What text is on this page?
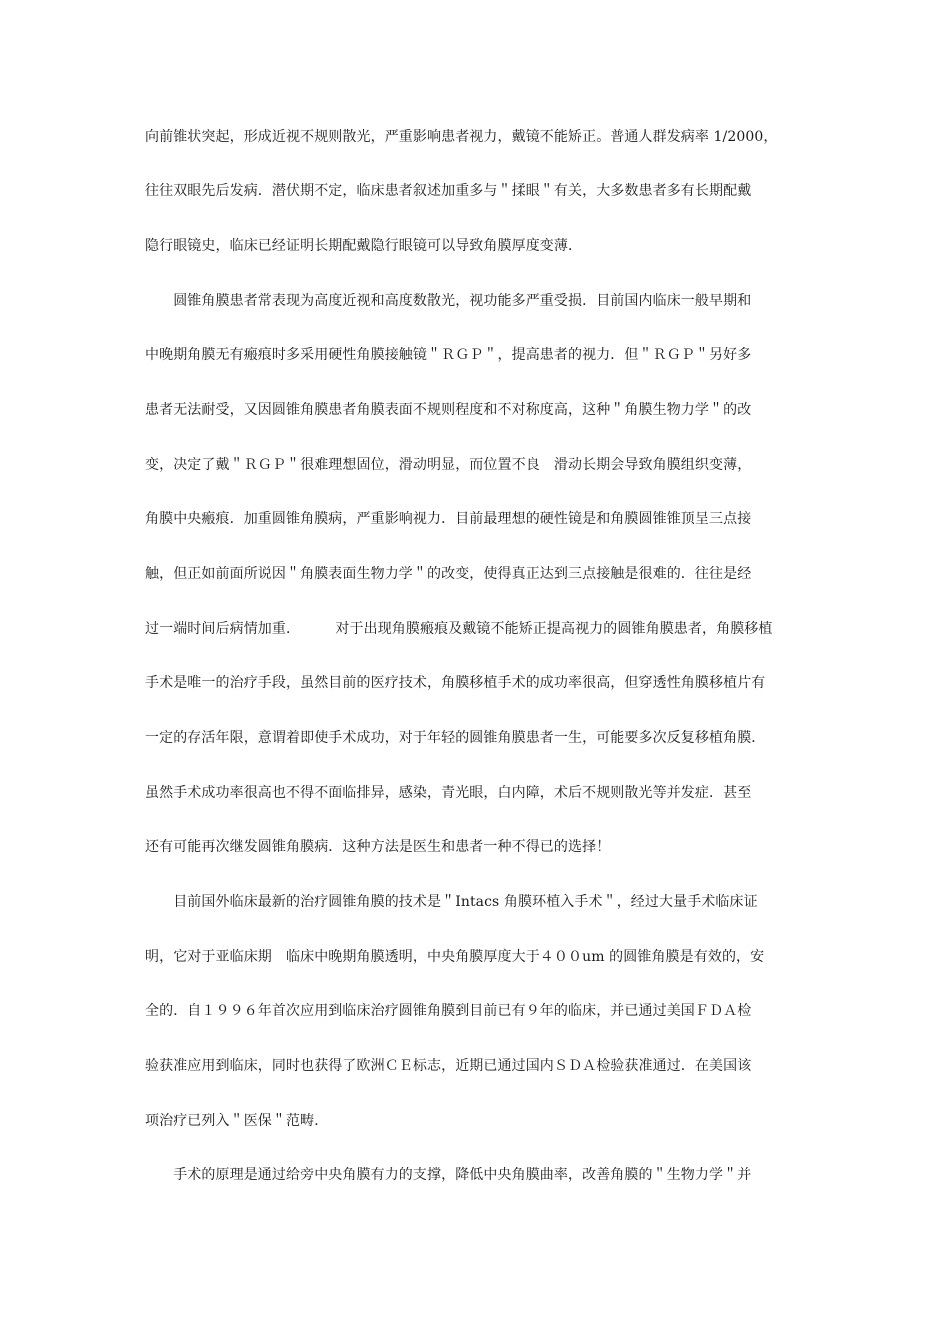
向前锥状突起，形成近视不规则散光，严重影响患者视力，戴镜不能矫正。普通人群发病率 1/2000，
往往双眼先后发病．潜伏期不定，临床患者叙述加重多与＂揉眼＂有关，大多数患者多有长期配戴
隐行眼镜史，临床已经证明长期配戴隐行眼镜可以导致角膜厚度变薄．
　　圆锥角膜患者常表现为高度近视和高度数散光，视功能多严重受损．目前国内临床一般早期和
中晚期角膜无有瘢痕时多采用硬性角膜接触镜＂ＲＧＰ＂，提高患者的视力．但＂ＲＧＰ＂另好多
患者无法耐受，又因圆锥角膜患者角膜表面不规则程度和不对称度高，这种＂角膜生物力学＂的改
变，决定了戴＂ＲＧＰ＂很难理想固位，滑动明显，而位置不良　滑动长期会导致角膜组织变薄，
角膜中央瘢痕．加重圆锥角膜病，严重影响视力．目前最理想的硬性镜是和角膜圆锥锥顶呈三点接
触，但正如前面所说因＂角膜表面生物力学＂的改变，使得真正达到三点接触是很难的．往往是经
过一端时间后病情加重．　　　对于出现角膜瘢痕及戴镜不能矫正提高视力的圆锥角膜患者，角膜移植
手术是唯一的治疗手段，虽然目前的医疗技术，角膜移植手术的成功率很高，但穿透性角膜移植片有
一定的存活年限，意谓着即使手术成功，对于年轻的圆锥角膜患者一生，可能要多次反复移植角膜．
虽然手术成功率很高也不得不面临排异，感染，青光眼，白内障，术后不规则散光等并发症．甚至
还有可能再次继发圆锥角膜病．这种方法是医生和患者一种不得已的选择！
　　目前国外临床最新的治疗圆锥角膜的技术是＂Intacs 角膜环植入手术＂，经过大量手术临床证
明，它对于亚临床期　临床中晚期角膜透明，中央角膜厚度大于４００um 的圆锥角膜是有效的，安
全的．自１９９６年首次应用到临床治疗圆锥角膜到目前已有９年的临床，并已通过美国ＦＤＡ检
验获准应用到临床，同时也获得了欧洲ＣＥ标志，近期已通过国内ＳＤＡ检验获准通过．在美国该
项治疗已列入＂医保＂范畴．
　　手术的原理是通过给旁中央角膜有力的支撑，降低中央角膜曲率，改善角膜的＂生物力学＂并
